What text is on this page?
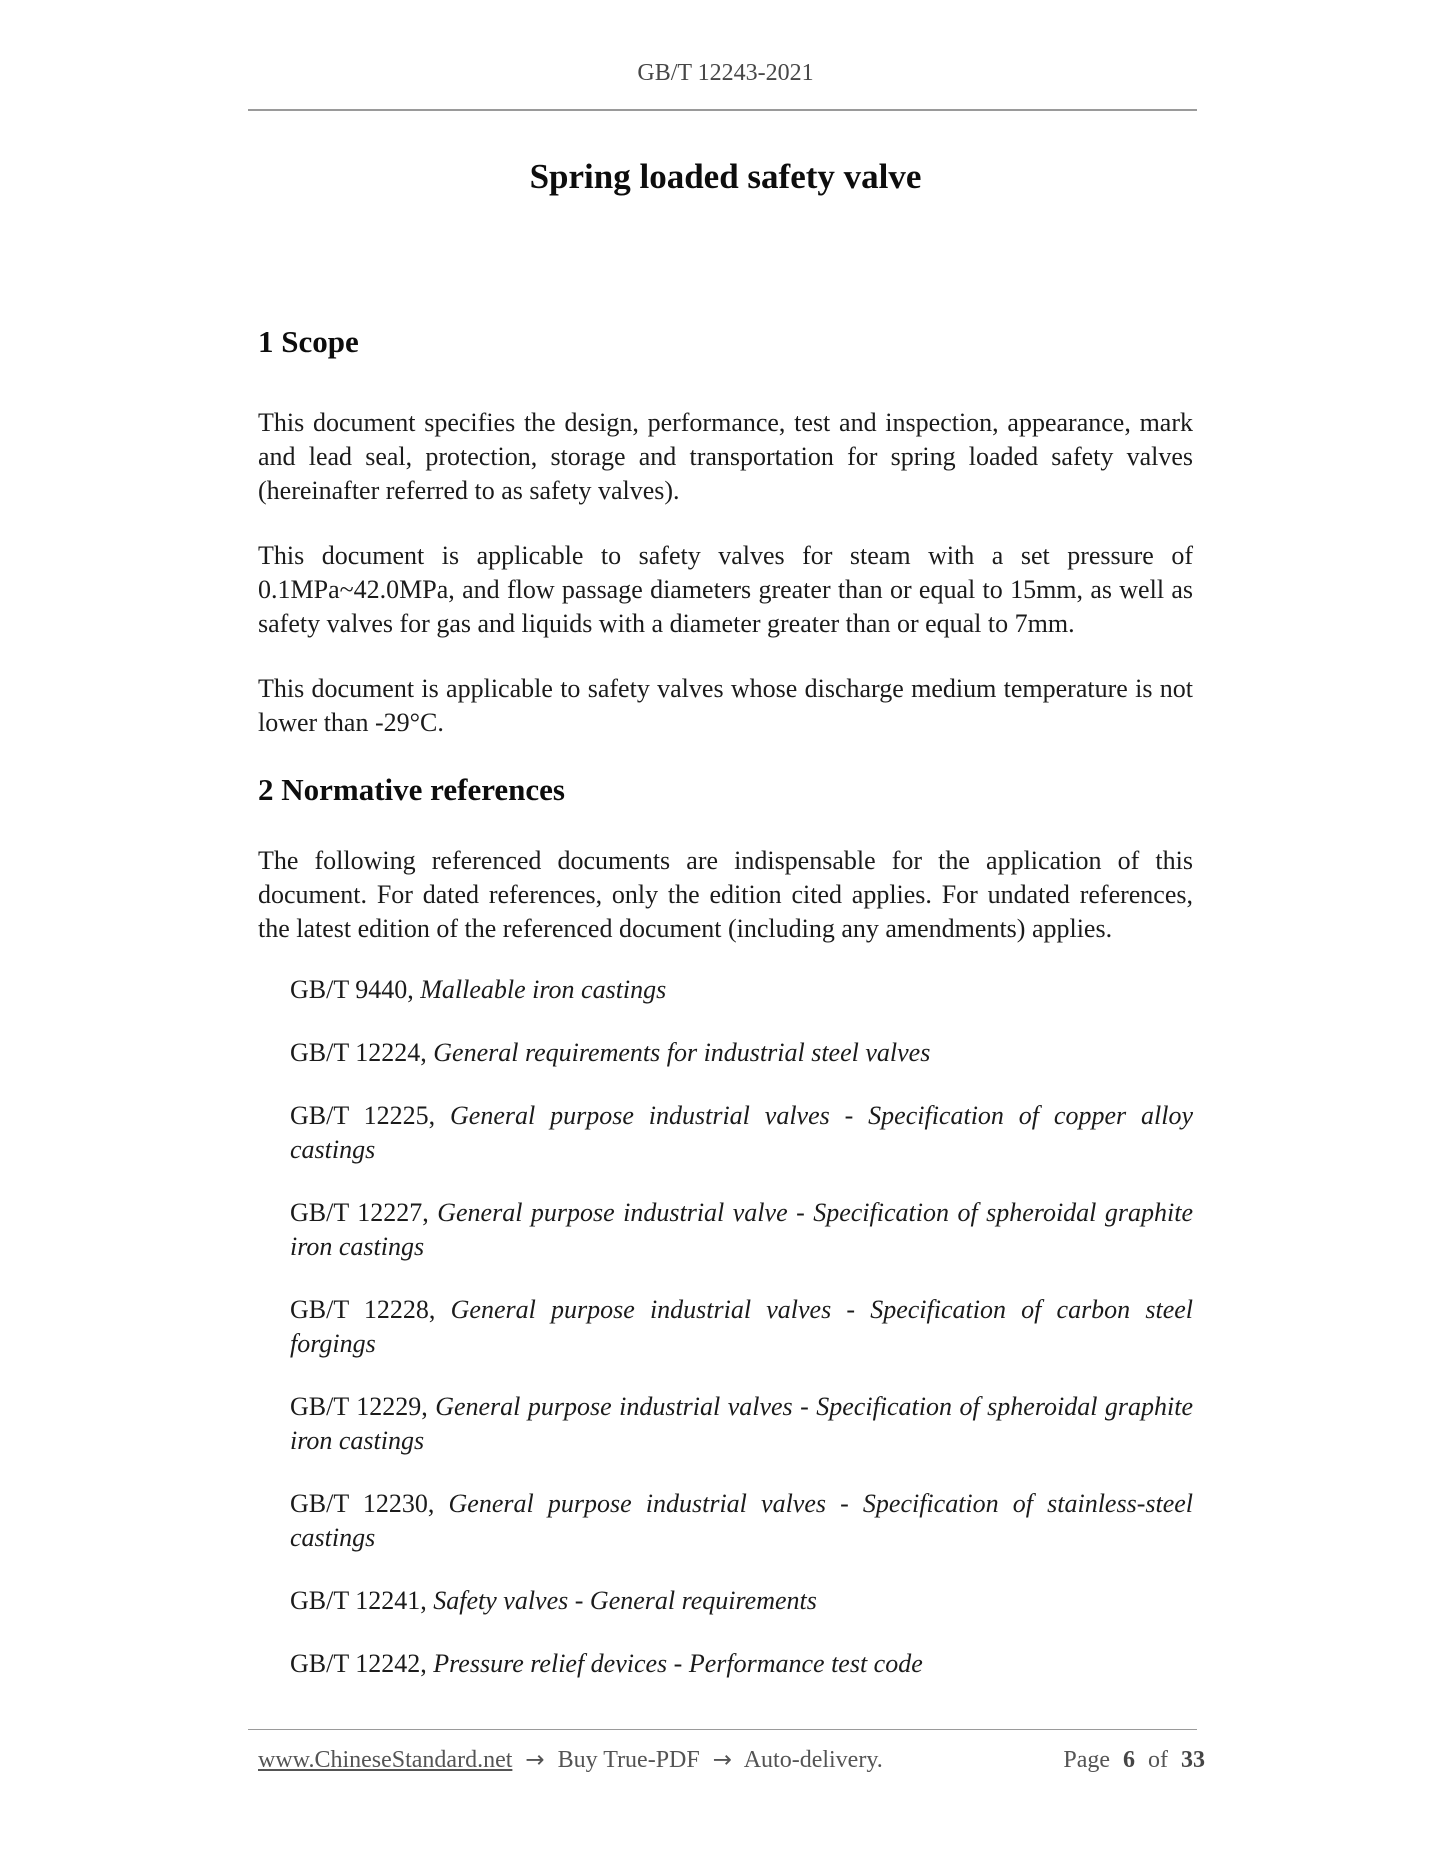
GB/T 12243-2021
Spring loaded safety valve
1 Scope

This document specifies the design, performance, test and inspection, appearance, mark and lead seal, protection, storage and transportation for spring loaded safety valves (hereinafter referred to as safety valves).

This document is applicable to safety valves for steam with a set pressure of 0.1MPa~42.0MPa, and flow passage diameters greater than or equal to 15mm, as well as safety valves for gas and liquids with a diameter greater than or equal to 7mm.

This document is applicable to safety valves whose discharge medium temperature is not lower than -29°C.

2 Normative references

The following referenced documents are indispensable for the application of this document. For dated references, only the edition cited applies. For undated references, the latest edition of the referenced document (including any amendments) applies.

GB/T 9440, Malleable iron castings

GB/T 12224, General requirements for industrial steel valves

GB/T 12225, General purpose industrial valves - Specification of copper alloy castings

GB/T 12227, General purpose industrial valve - Specification of spheroidal graphite iron castings

GB/T 12228, General purpose industrial valves - Specification of carbon steel forgings

GB/T 12229, General purpose industrial valves - Specification of spheroidal graphite iron castings

GB/T 12230, General purpose industrial valves - Specification of stainless-steel castings

GB/T 12241, Safety valves - General requirements

GB/T 12242, Pressure relief devices - Performance test code

www.ChineseStandard.net → Buy True-PDF → Auto-delivery.	Page 6 of 33
